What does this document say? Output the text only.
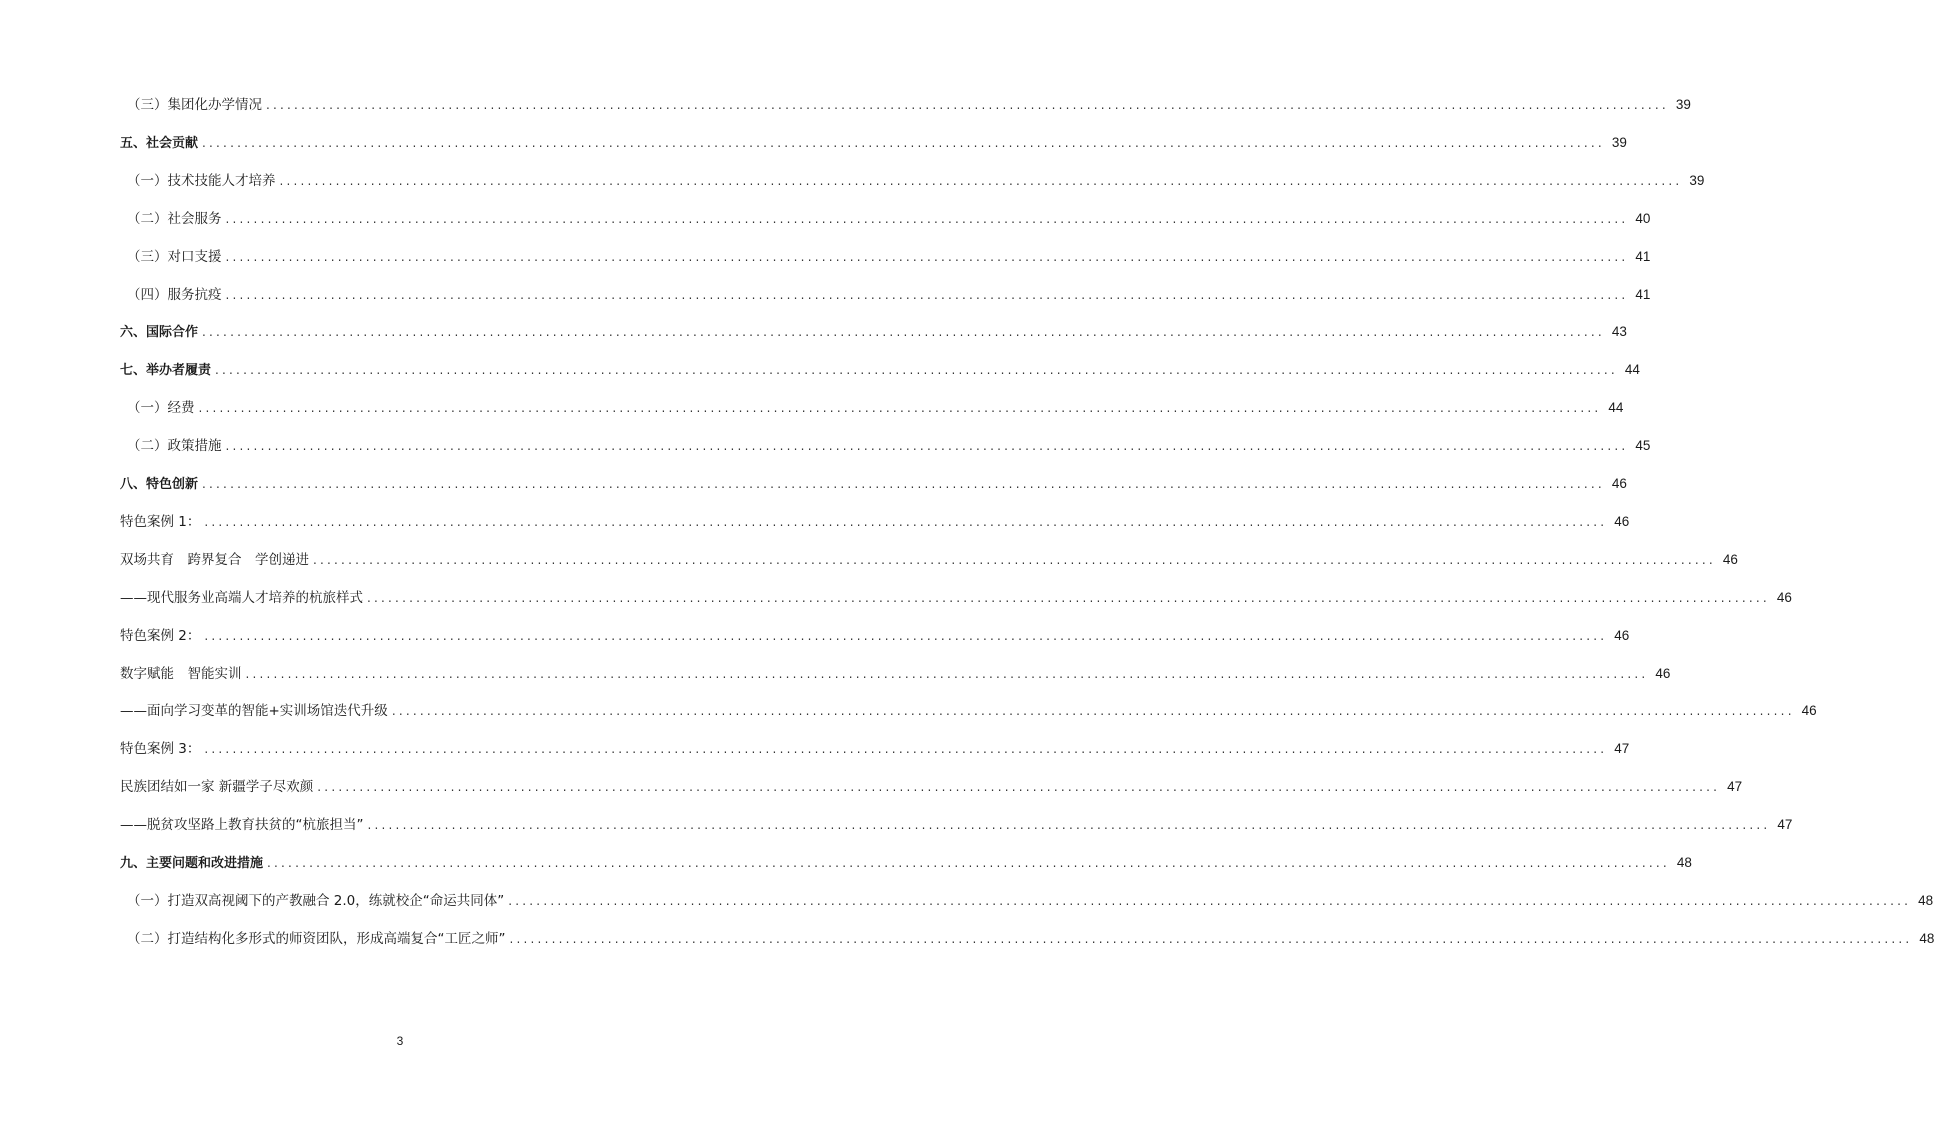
（三）集团化办学情况 ........................................................................................................................................................................................................ 39
五、社会贡献 ........................................................................................................................................................................................................ 39
（一）技术技能人才培养 ........................................................................................................................................................................................................ 39
（二）社会服务 ........................................................................................................................................................................................................ 40
（三）对口支援 ........................................................................................................................................................................................................ 41
（四）服务抗疫 ........................................................................................................................................................................................................ 41
六、国际合作 ........................................................................................................................................................................................................ 43
七、举办者履责 ........................................................................................................................................................................................................ 44
（一）经费 ........................................................................................................................................................................................................ 44
（二）政策措施 ........................................................................................................................................................................................................ 45
八、特色创新 ........................................................................................................................................................................................................ 46
特色案例 1： ........................................................................................................................................................................................................ 46
双场共育　跨界复合　学创递进 ........................................................................................................................................................................................................ 46
——现代服务业高端人才培养的杭旅样式 ........................................................................................................................................................................................................ 46
特色案例 2： ........................................................................................................................................................................................................ 46
数字赋能　智能实训 ........................................................................................................................................................................................................ 46
——面向学习变革的智能+实训场馆迭代升级 ........................................................................................................................................................................................................ 46
特色案例 3： ........................................................................................................................................................................................................ 47
民族团结如一家 新疆学子尽欢颜 ........................................................................................................................................................................................................ 47
——脱贫攻坚路上教育扶贫的“杭旅担当” ........................................................................................................................................................................................................ 47
九、主要问题和改进措施 ........................................................................................................................................................................................................ 48
（一）打造双高视阈下的产教融合 2.0，练就校企“命运共同体” ........................................................................................................................................................................................................ 48
（二）打造结构化多形式的师资团队，形成高端复合“工匠之师” ........................................................................................................................................................................................................ 48
3
